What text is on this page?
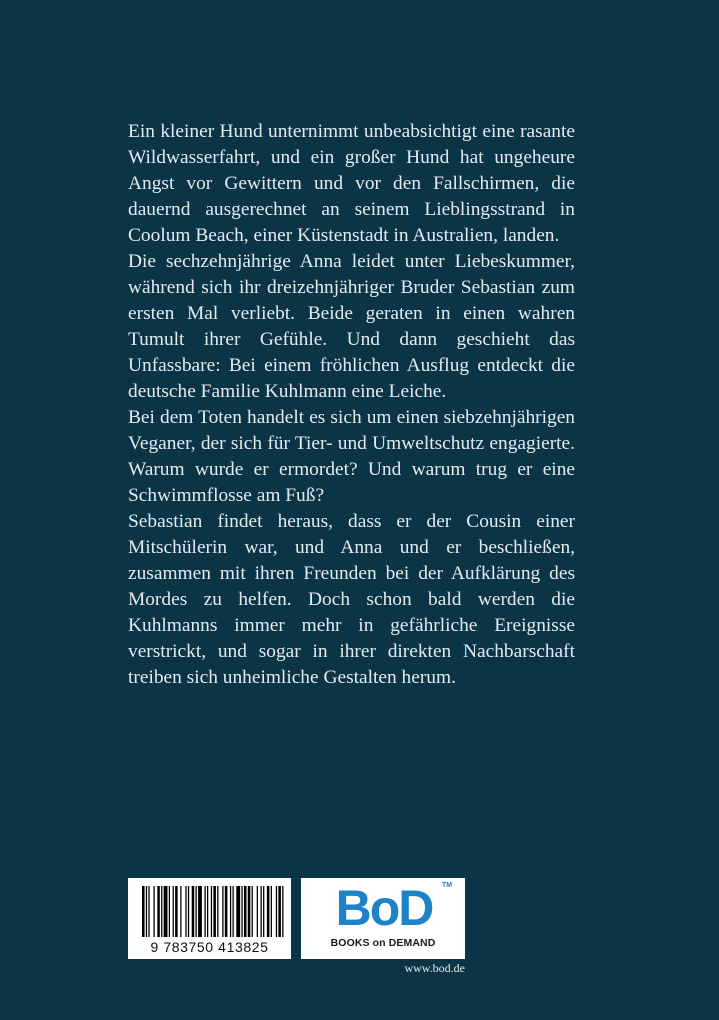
Ein kleiner Hund unternimmt unbeabsichtigt eine rasante Wildwasserfahrt, und ein großer Hund hat ungeheure Angst vor Gewittern und vor den Fallschirmen, die dauernd ausgerechnet an seinem Lieblingsstrand in Coolum Beach, einer Küstenstadt in Australien, landen.

Die sechzehnjährige Anna leidet unter Liebeskummer, während sich ihr dreizehnjähriger Bruder Sebastian zum ersten Mal verliebt. Beide geraten in einen wahren Tumult ihrer Gefühle. Und dann geschieht das Unfassbare: Bei einem fröhlichen Ausflug entdeckt die deutsche Familie Kuhlmann eine Leiche.

Bei dem Toten handelt es sich um einen siebzehnjährigen Veganer, der sich für Tier- und Umweltschutz engagierte. Warum wurde er ermordet? Und warum trug er eine Schwimmflosse am Fuß?

Sebastian findet heraus, dass er der Cousin einer Mitschülerin war, und Anna und er beschließen, zusammen mit ihren Freunden bei der Aufklärung des Mordes zu helfen. Doch schon bald werden die Kuhlmanns immer mehr in gefährliche Ereignisse verstrickt, und sogar in ihrer direkten Nachbarschaft treiben sich unheimliche Gestalten herum.

9 783750 413825
BoD	TM
BOOKS on DEMAND
www.bod.de
